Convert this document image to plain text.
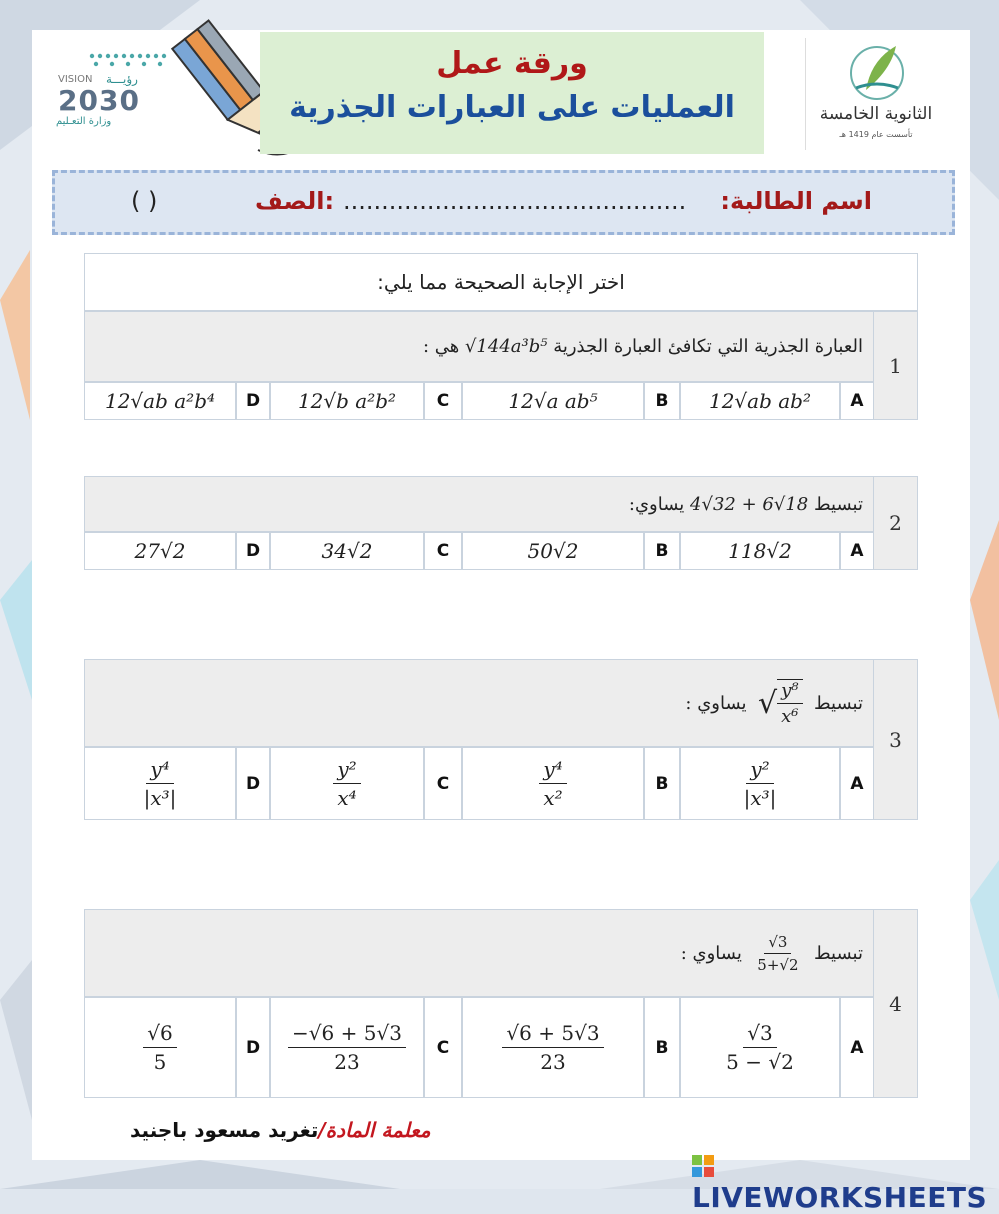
VISION رؤيـــة
2030
وزارة التعـليم
ورقة عمل
العمليات على العبارات الجذرية	الثانوية الخامسة
تأسست عام 1419 هـ
اسم الطالبة:
.............................................
الصف:
( )
اختر الإجابة الصحيحة مما يلي:
1
العبارة الجذرية التي تكافئ العبارة الجذرية

√144a³b⁵

هي :
A
12√ab ab²
B
12√a ab⁵
C
12√b a²b²
D
12√ab a²b⁴
2
تبسيط

4√32 + 6√18

يساوي:
A
118√2
B
50√2
C
34√2
D
27√2
3
تبسيط

√ $\frac{\text{y⁸}}{\text{x⁶}}$

يساوي :
A
$\frac{\text{y²}}{\text{|x³|}}$
B
$\frac{\text{y⁴}}{\text{x²}}$
C
$\frac{\text{y²}}{\text{x⁴}}$
D
$\frac{\text{y⁴}}{\text{|x³|}}$
4
تبسيط

$\frac{√3}{5+√2}$

يساوي :
A
$\frac{√3}{5 - √2}$
B
$\frac{√6 + 5√3}{23}$
C
$\frac{-√6 + 5√3}{23}$
D
$\frac{√6}{5}$
معلمة المادة/تغريد مسعود باجنيد
LIVEWORKSHEETS
